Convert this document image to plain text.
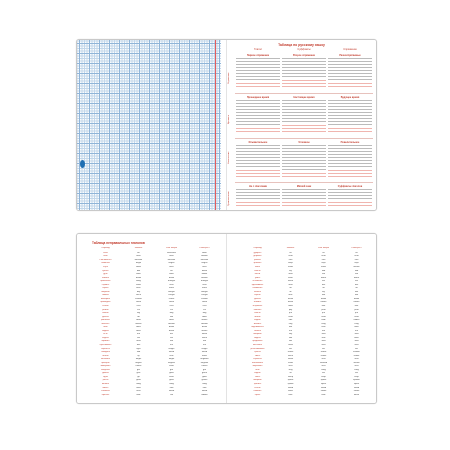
Таблица по русскому языку
Глагол	Суффиксы	Спряжение
Спряжение
Времена
Наклонения
Правописание
Первое спряжение	Второе спряжение	Разноспрягаемые
Прошедшее время	Настоящее время	Будущее время
Изъявительное	Условное	Повелительное
Не с глаголами	Мягкий знак	Суффиксы глаголов
Таблица неправильных глаголов
Перевод	Infinitive	Past Simple	Participle II
быть	be	was/were	been
бить	beat	beat	beaten
становиться	become	became	become
начинать	begin	began	begun
гнуть	bend	bent	bent
кусать	bite	bit	bitten
дуть	blow	blew	blown
ломать	break	broke	broken
приносить	bring	brought	brought
строить	build	built	built
гореть	burn	burnt	burnt
покупать	buy	bought	bought
ловить	catch	caught	caught
выбирать	choose	chose	chosen
приходить	come	came	come
стоить	cost	cost	cost
резать	cut	cut	cut
копать	dig	dug	dug
делать	do	did	done
рисовать	draw	drew	drawn
мечтать	dream	dreamt	dreamt
пить	drink	drank	drunk
водить	drive	drove	driven
есть	eat	ate	eaten
падать	fall	fell	fallen
кормить	feed	fed	fed
чувствовать	feel	felt	felt
бороться	fight	fought	fought
находить	find	found	found
летать	fly	flew	flown
забывать	forget	forgot	forgotten
прощать	forgive	forgave	forgiven
замерзать	freeze	froze	frozen
получать	get	got	got
давать	give	gave	given
идти	go	went	gone
расти	grow	grew	grown
вешать	hang	hung	hung
иметь	have	had	had
слышать	hear	heard	heard
прятать	hide	hid	hidden
Перевод	Infinitive	Past Simple	Participle II
ударять	hit	hit	hit
держать	hold	held	held
ранить	hurt	hurt	hurt
хранить	keep	kept	kept
знать	know	knew	known
класть	lay	laid	laid
вести	lead	led	led
учить	learn	learnt	learnt
оставлять	leave	left	left
одалживать	lend	lent	lent
позволять	let	let	let
лежать	lie	lay	lain
терять	lose	lost	lost
делать	make	made	made
значить	mean	meant	meant
встречать	meet	met	met
платить	pay	paid	paid
класть	put	put	put
читать	read	read	read
ездить	ride	rode	ridden
звонить	ring	rang	rung
подниматься	rise	rose	risen
бежать	run	ran	run
говорить	say	said	said
видеть	see	saw	seen
продавать	sell	sold	sold
посылать	send	sent	sent
устанавливать	set	set	set
трясти	shake	shook	shaken
сиять	shine	shone	shone
стрелять	shoot	shot	shot
показывать	show	showed	shown
закрывать	shut	shut	shut
петь	sing	sang	sung
сидеть	sit	sat	sat
спать	sleep	slept	slept
говорить	speak	spoke	spoken
тратить	spend	spent	spent
стоять	stand	stood	stood
плавать	swim	swam	swum
брать	take	took	taken
